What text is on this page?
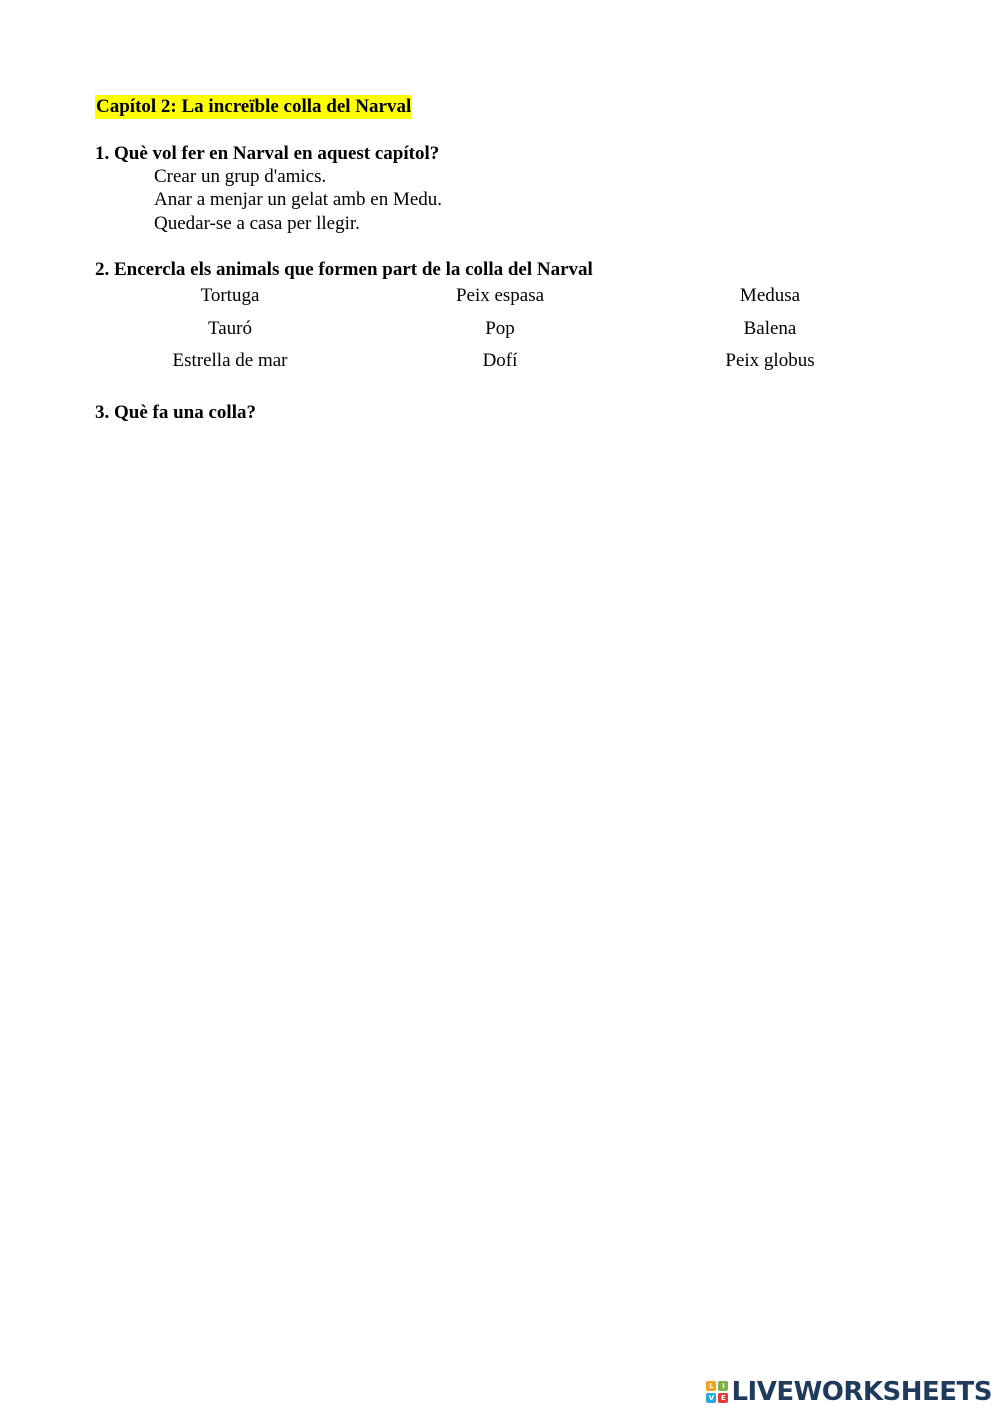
Capítol 2: La increïble colla del Narval
1. Què vol fer en Narval en aquest capítol?
Crear un grup d'amics.
Anar a menjar un gelat amb en Medu.
Quedar-se a casa per llegir.
2. Encercla els animals que formen part de la colla del Narval
Tortuga	Peix espasa	Medusa
Tauró	Pop	Balena
Estrella de mar	Dofí	Peix globus
3. Què fa una colla?
L	I
V E LIVEWORKSHEETS
